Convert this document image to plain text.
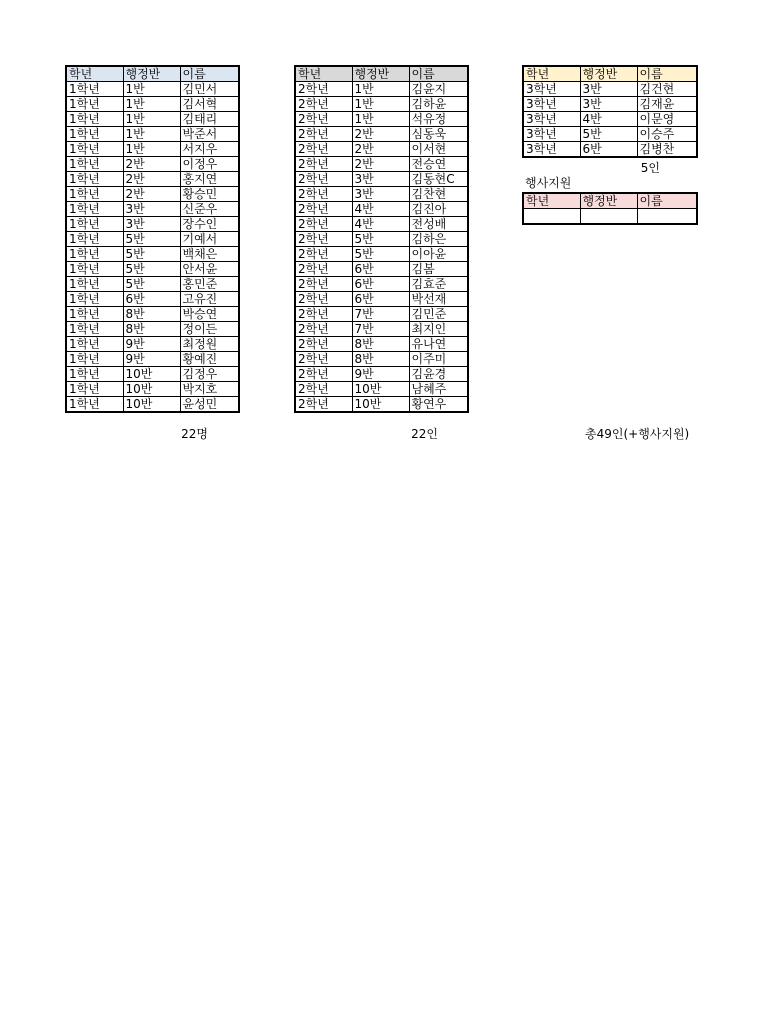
학년	행정반	이름
1학년	1반	김민서
1학년	1반	김서혁
1학년	1반	김태리
1학년	1반	박준서
1학년	1반	서지우
1학년	2반	이정우
1학년	2반	홍지연
1학년	2반	황승민
1학년	3반	신준우
1학년	3반	장수인
1학년	5반	기예서
1학년	5반	백채은
1학년	5반	안서윤
1학년	5반	홍민준
1학년	6반	고유진
1학년	8반	박승연
1학년	8반	정이든
1학년	9반	최정원
1학년	9반	황예진
1학년	10반	김정우
1학년	10반	박지호
1학년	10반	윤성민
22명
학년	행정반	이름
2학년	1반	김윤지
2학년	1반	김하윤
2학년	1반	석유정
2학년	2반	심동욱
2학년	2반	이서현
2학년	2반	전승연
2학년	3반	김동현C
2학년	3반	김찬현
2학년	4반	김진아
2학년	4반	전성배
2학년	5반	김하은
2학년	5반	이아윤
2학년	6반	김봄
2학년	6반	김효준
2학년	6반	박선재
2학년	7반	김민준
2학년	7반	최지인
2학년	8반	유나연
2학년	8반	이주미
2학년	9반	김윤경
2학년	10반	남혜주
2학년	10반	황연우
22인
학년	행정반	이름
3학년	3반	김건현
3학년	3반	김재윤
3학년	4반	이문영
3학년	5반	이승주
3학년	6반	김병찬
5인
행사지원
학년	행정반	이름

총49인(+행사지원)
